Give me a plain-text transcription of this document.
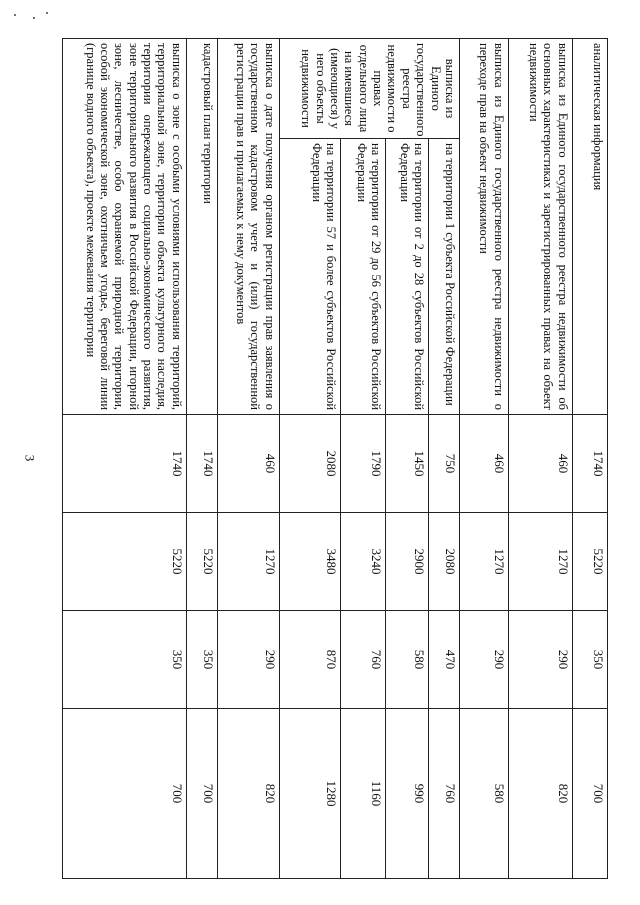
3
аналитическая информация		1740	5220	350	700
выписка из Единого государственного реестра недвижимости об основных характеристиках и зарегистрированных правах на объект недвижимости		460	1270	290	820
выписка из Единого государственного реестра недвижимости о переходе прав на объект недвижимости		460	1270	290	580
выписка из Единого государственного реестра недвижимости о правах отдельного лица на имевшиеся (имеющиеся) у него объекты недвижимости	на территории 1 субъекта Российской Федерации	750	2080	470	760
	на территории от 2 до 28 субъектов Российской Федерации	1450	2900	580	990
	на территории от 29 до 56 субъектов Российской Федерации	1790	3240	760	1160
	на территории 57 и более субъектов Российской Федерации	2080	3480	870	1280
выписка о дате получения органом регистрации прав заявления о государственном кадастровом учете и (или) государственной регистрации прав и прилагаемых к нему документов		460	1270	290	820
кадастровый план территории		1740	5220	350	700
выписка о зоне с особыми условиями использования территорий, территориальной зоне, территории объекта культурного наследия, территории опережающего социально-экономического развития, зоне территориального развития в Российской Федерации, игорной зоне, лесничестве, особо охраняемой природной территории, особой экономической зоне, охотничьем угодье, береговой линии (границе водного объекта), проекте межевания территории		1740	5220	350	700
